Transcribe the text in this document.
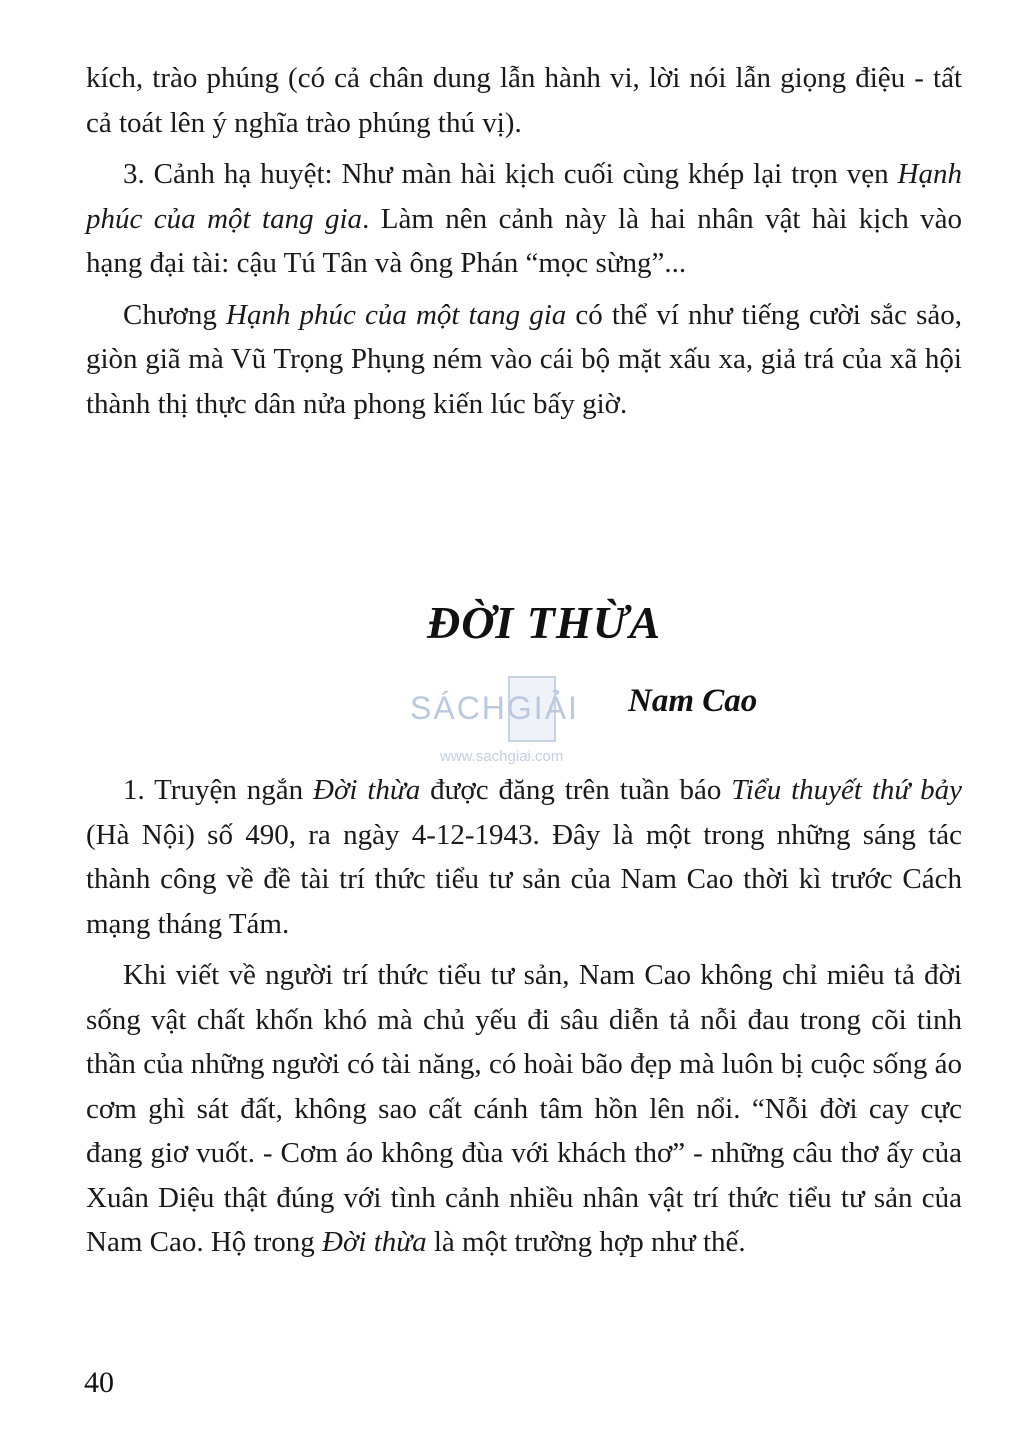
kích, trào phúng (có cả chân dung lẫn hành vi, lời nói lẫn giọng điệu - tất cả toát lên ý nghĩa trào phúng thú vị).

3. Cảnh hạ huyệt: Như màn hài kịch cuối cùng khép lại trọn vẹn Hạnh phúc của một tang gia. Làm nên cảnh này là hai nhân vật hài kịch vào hạng đại tài: cậu Tú Tân và ông Phán “mọc sừng”...

Chương Hạnh phúc của một tang gia có thể ví như tiếng cười sắc sảo, giòn giã mà Vũ Trọng Phụng ném vào cái bộ mặt xấu xa, giả trá của xã hội thành thị thực dân nửa phong kiến lúc bấy giờ.

ĐỜI THỪA
SÁCHGIẢI
www.sachgiai.com
Nam Cao

1. Truyện ngắn Đời thừa được đăng trên tuần báo Tiểu thuyết thứ bảy (Hà Nội) số 490, ra ngày 4-12-1943. Đây là một trong những sáng tác thành công về đề tài trí thức tiểu tư sản của Nam Cao thời kì trước Cách mạng tháng Tám.

Khi viết về người trí thức tiểu tư sản, Nam Cao không chỉ miêu tả đời sống vật chất khốn khó mà chủ yếu đi sâu diễn tả nỗi đau trong cõi tinh thần của những người có tài năng, có hoài bão đẹp mà luôn bị cuộc sống áo cơm ghì sát đất, không sao cất cánh tâm hồn lên nổi. “Nỗi đời cay cực đang giơ vuốt. - Cơm áo không đùa với khách thơ” - những câu thơ ấy của Xuân Diệu thật đúng với tình cảnh nhiều nhân vật trí thức tiểu tư sản của Nam Cao. Hộ trong Đời thừa là một trường hợp như thế.

40
